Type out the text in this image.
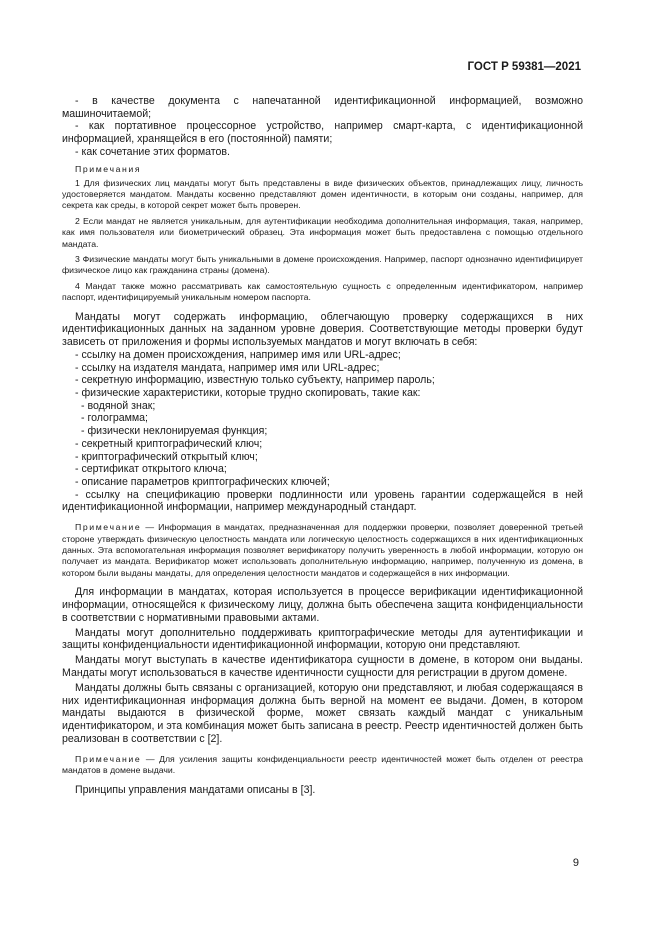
ГОСТ Р 59381—2021
- в качестве документа с напечатанной идентификационной информацией, возможно машиночитаемой;
- как портативное процессорное устройство, например смарт-карта, с идентификационной информацией, хранящейся в его (постоянной) памяти;
- как сочетание этих форматов.
Примечания

1 Для физических лиц мандаты могут быть представлены в виде физических объектов, принадлежащих лицу, личность удостоверяется мандатом. Мандаты косвенно представляют домен идентичности, в которым они созданы, например, для секрета как среды, в которой секрет может быть проверен.

2 Если мандат не является уникальным, для аутентификации необходима дополнительная информация, такая, например, как имя пользователя или биометрический образец. Эта информация может быть предоставлена с помощью отдельного мандата.

3 Физические мандаты могут быть уникальными в домене происхождения. Например, паспорт однозначно идентифицирует физическое лицо как гражданина страны (домена).

4 Мандат также можно рассматривать как самостоятельную сущность с определенным идентификатором, например паспорт, идентифицируемый уникальным номером паспорта.

Мандаты могут содержать информацию, облегчающую проверку содержащихся в них идентификационных данных на заданном уровне доверия. Соответствующие методы проверки будут зависеть от приложения и формы используемых мандатов и могут включать в себя:

- ссылку на домен происхождения, например имя или URL-адрес;
- ссылку на издателя мандата, например имя или URL-адрес;
- секретную информацию, известную только субъекту, например пароль;
- физические характеристики, которые трудно скопировать, такие как:
- водяной знак;
- голограмма;
- физически неклонируемая функция;
- секретный криптографический ключ;
- криптографический открытый ключ;
- сертификат открытого ключа;
- описание параметров криптографических ключей;
- ссылку на спецификацию проверки подлинности или уровень гарантии содержащейся в ней идентификационной информации, например международный стандарт.

Примечание — Информация в мандатах, предназначенная для поддержки проверки, позволяет доверенной третьей стороне утверждать физическую целостность мандата или логическую целостность содержащихся в них идентификационных данных. Эта вспомогательная информация позволяет верификатору получить уверенность в любой информации, которую он получает из мандата. Верификатор может использовать дополнительную информацию, например, полученную из домена, в котором были выданы мандаты, для определения целостности мандатов и содержащейся в них информации.

Для информации в мандатах, которая используется в процессе верификации идентификационной информации, относящейся к физическому лицу, должна быть обеспечена защита конфиденциальности в соответствии с нормативными правовыми актами.

Мандаты могут дополнительно поддерживать криптографические методы для аутентификации и защиты конфиденциальности идентификационной информации, которую они представляют.

Мандаты могут выступать в качестве идентификатора сущности в домене, в котором они выданы. Мандаты могут использоваться в качестве идентичности сущности для регистрации в другом домене.

Мандаты должны быть связаны с организацией, которую они представляют, и любая содержащаяся в них идентификационная информация должна быть верной на момент ее выдачи. Домен, в котором мандаты выдаются в физической форме, может связать каждый мандат с уникальным идентификатором, и эта комбинация может быть записана в реестр. Реестр идентичностей должен быть реализован в соответствии с [2].

Примечание — Для усиления защиты конфиденциальности реестр идентичностей может быть отделен от реестра мандатов в домене выдачи.

Принципы управления мандатами описаны в [3].

9
